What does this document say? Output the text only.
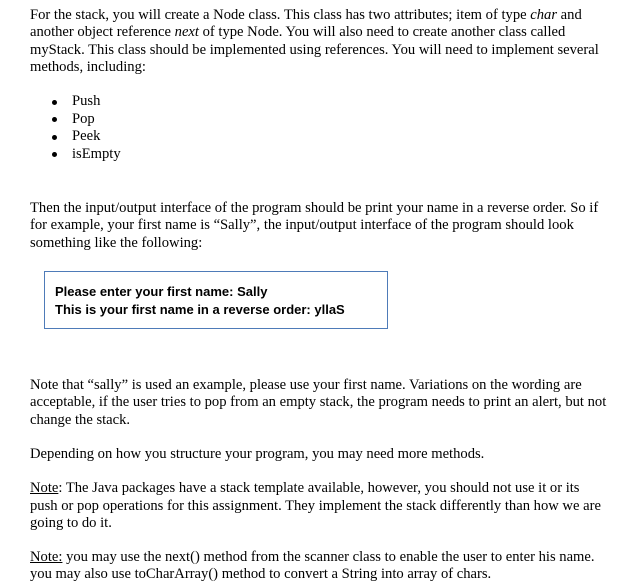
For the stack, you will create a Node class. This class has two attributes; item of type char and another object reference next of type Node. You will also need to create another class called myStack. This class should be implemented using references. You will need to implement several methods, including:

Push
Pop
Peek
isEmpty

Then the input/output interface of the program should be print your name in a reverse order. So if for example, your first name is “Sally”, the input/output interface of the program should look something like the following:

Please enter your first name: Sally
This is your first name in a reverse order: yllaS

Note that “sally” is used an example, please use your first name. Variations on the wording are acceptable, if the user tries to pop from an empty stack, the program needs to print an alert, but not change the stack.

Depending on how you structure your program, you may need more methods.

Note: The Java packages have a stack template available, however, you should not use it or its push or pop operations for this assignment. They implement the stack differently than how we are going to do it.

Note: you may use the next() method from the scanner class to enable the user to enter his name. you may also use toCharArray() method to convert a String into array of chars.
